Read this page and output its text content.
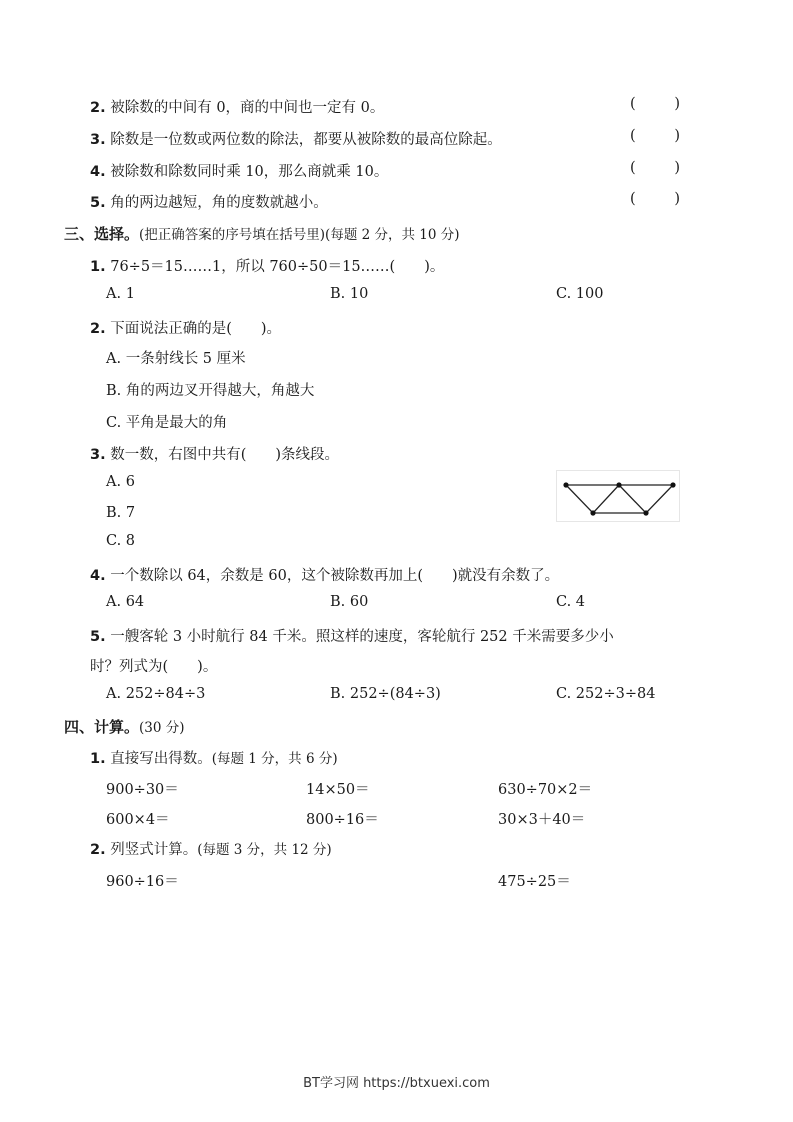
2. 被除数的中间有 0，商的中间也一定有 0。	(	)
3. 除数是一位数或两位数的除法，都要从被除数的最高位除起。	(	)
4. 被除数和除数同时乘 10，那么商就乘 10。	(	)
5. 角的两边越短，角的度数就越小。	(	)
三、选择。(把正确答案的序号填在括号里)(每题 2 分，共 10 分)
1. 76÷5＝15……1，所以 760÷50＝15……(　　)。
A. 1	B. 10	C. 100
2. 下面说法正确的是(　　)。
A. 一条射线长 5 厘米
B. 角的两边叉开得越大，角越大
C. 平角是最大的角
3. 数一数，右图中共有(　　)条线段。
A. 6
B. 7
C. 8
4. 一个数除以 64，余数是 60，这个被除数再加上(　　)就没有余数了。
A. 64	B. 60	C. 4
5. 一艘客轮 3 小时航行 84 千米。照这样的速度，客轮航行 252 千米需要多少小
时？列式为(　　)。
A. 252÷84÷3	B. 252÷(84÷3)	C. 252÷3÷84
四、计算。(30 分)
1. 直接写出得数。(每题 1 分，共 6 分)
900÷30＝	14×50＝	630÷70×2＝
600×4＝	800÷16＝	30×3＋40＝
2. 列竖式计算。(每题 3 分，共 12 分)
960÷16＝	475÷25＝
BT学习网 https://btxuexi.com
